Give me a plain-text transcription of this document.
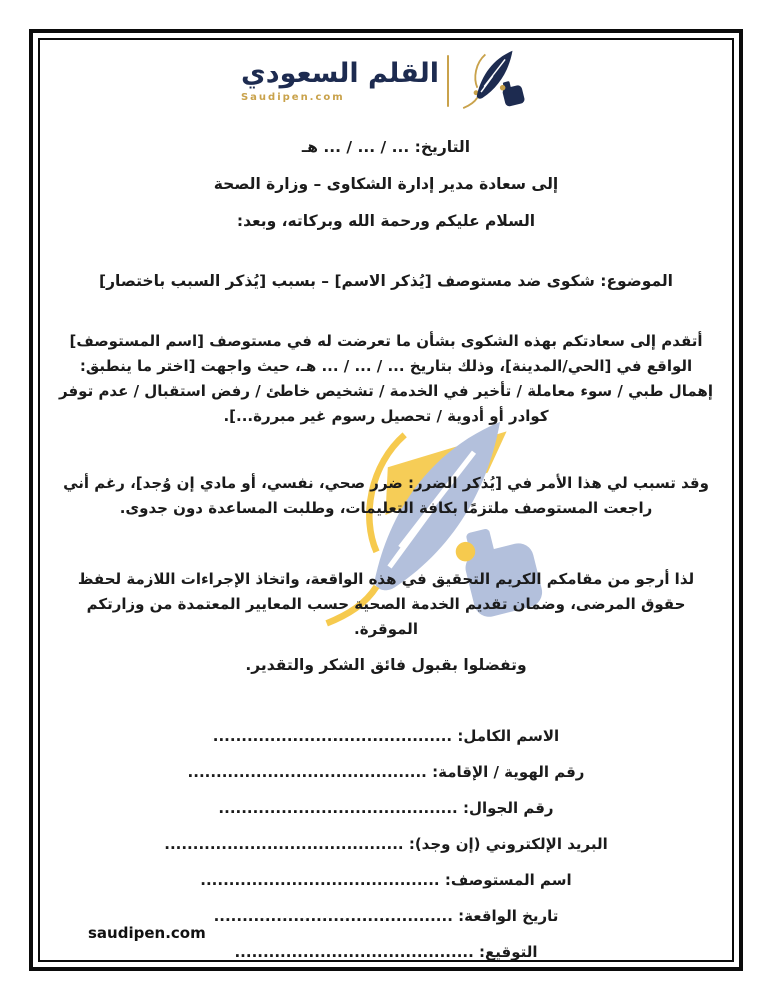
القلم السعودي
Saudipen.com
التاريخ: ... / ... / ... هـ
إلى سعادة مدير إدارة الشكاوى – وزارة الصحة
السلام عليكم ورحمة الله وبركاته، وبعد:
الموضوع: شكوى ضد مستوصف [يُذكر الاسم] – بسبب [يُذكر السبب باختصار]

أتقدم إلى سعادتكم بهذه الشكوى بشأن ما تعرضت له في مستوصف [اسم المستوصف] الواقع في [الحي/المدينة]، وذلك بتاريخ ... / ... / ... هـ، حيث واجهت [اختر ما ينطبق: إهمال طبي / سوء معاملة / تأخير في الخدمة / تشخيص خاطئ / رفض استقبال / عدم توفر كوادر أو أدوية / تحصيل رسوم غير مبررة...].

وقد تسبب لي هذا الأمر في [يُذكر الضرر: ضرر صحي، نفسي، أو مادي إن وُجد]، رغم أني راجعت المستوصف ملتزمًا بكافة التعليمات، وطلبت المساعدة دون جدوى.

لذا أرجو من مقامكم الكريم التحقيق في هذه الواقعة، واتخاذ الإجراءات اللازمة لحفظ حقوق المرضى، وضمان تقديم الخدمة الصحية حسب المعايير المعتمدة من وزارتكم الموقرة.

وتفضلوا بقبول فائق الشكر والتقدير.
الاسم الكامل: ..........................................
رقم الهوية / الإقامة: ..........................................
رقم الجوال: ..........................................
البريد الإلكتروني (إن وجد): ..........................................
اسم المستوصف: ..........................................
تاريخ الواقعة: ..........................................
التوقيع: ..........................................
saudipen.com
